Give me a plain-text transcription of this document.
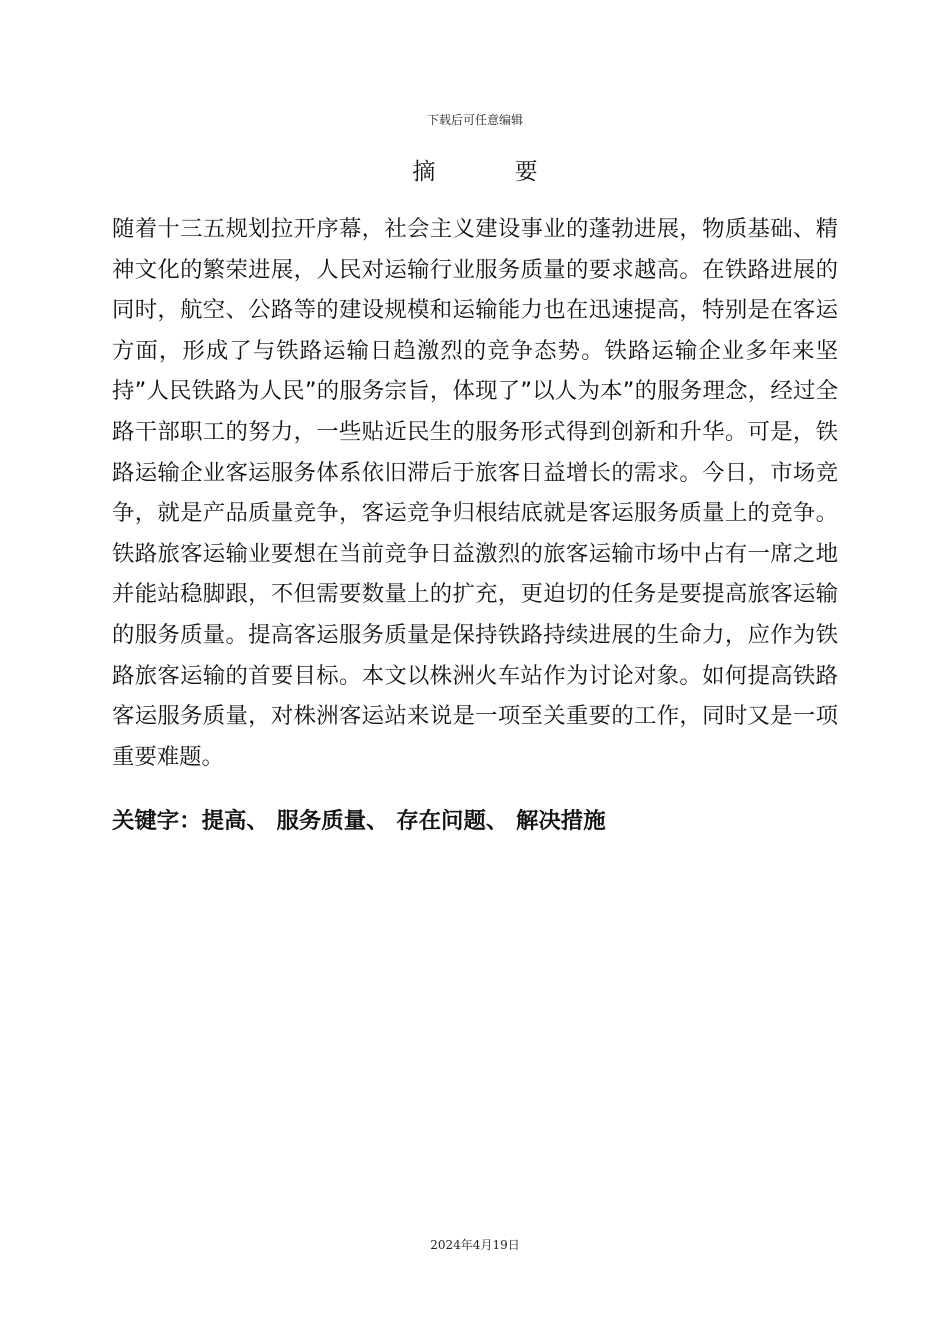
下载后可任意编辑
摘 要

随着十三五规划拉开序幕，社会主义建设事业的蓬勃进展，物质基础、精神文化的繁荣进展，人民对运输行业服务质量的要求越高。在铁路进展的同时，航空、公路等的建设规模和运输能力也在迅速提高，特别是在客运方面，形成了与铁路运输日趋激烈的竞争态势。铁路运输企业多年来坚持”人民铁路为人民”的服务宗旨，体现了”以人为本”的服务理念，经过全路干部职工的努力，一些贴近民生的服务形式得到创新和升华。可是，铁路运输企业客运服务体系依旧滞后于旅客日益增长的需求。今日，市场竞争，就是产品质量竞争，客运竞争归根结底就是客运服务质量上的竞争。铁路旅客运输业要想在当前竞争日益激烈的旅客运输市场中占有一席之地并能站稳脚跟，不但需要数量上的扩充，更迫切的任务是要提高旅客运输的服务质量。提高客运服务质量是保持铁路持续进展的生命力，应作为铁路旅客运输的首要目标。本文以株洲火车站作为讨论对象。如何提高铁路客运服务质量，对株洲客运站来说是一项至关重要的工作，同时又是一项重要难题。

关键字：提高、 服务质量、 存在问题、 解决措施
2024年4月19日
